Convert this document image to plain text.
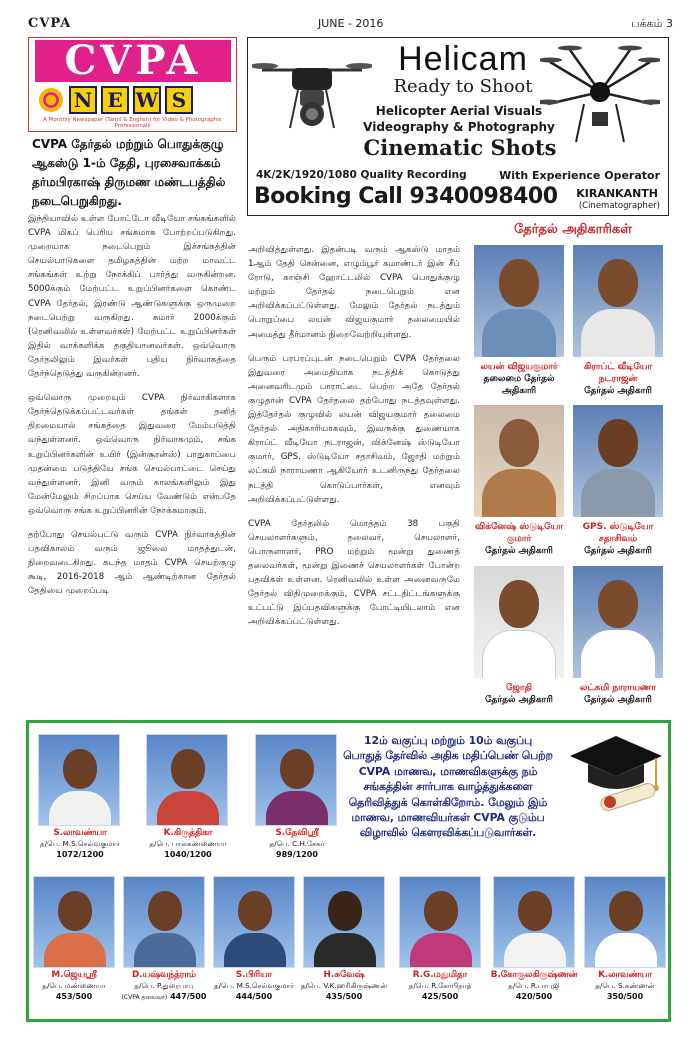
CVPA	JUNE - 2016	பக்கம் 3
CVPA
N E W S
A Monthly Newspaper (Tamil & English) for Video & Photographic Professionals
CVPA தேர்தல் மற்றும் பொதுக்குழு ஆகஸ்டு 1-ம் தேதி, புரசைவாக்கம் தர்மபிரகாஷ் திருமண மண்டபத்தில் நடைபெறுகிறது.
Helicam
Ready to Shoot
Helicopter Aerial Visuals
Videography & Photography
Cinematic Shots
4K/2K/1920/1080 Quality Recording	With Experience Operator
Booking Call 9340098400 KIRANKANTH
(Cinematographer)

இந்தியாவில் உள்ள போட்டோ வீடியோ சங்கங்களில் CVPA மிகப் பெரிய சங்கமாக போற்றப்படுகிறது. முறையாக நடைபெறும் இச்சங்கத்தின் செயல்பாடுகளை தமிழகத்தின் மற்ற மாவட்ட சங்கங்கள் உற்று நோக்கிப் பார்த்து வருகின்றன. 5000க்கும் மேற்பட்ட உறுப்பினர்களை கொண்ட CVPA தேர்தல், இரண்டு ஆண்டுகளுக்கு ஒருமுறை நடைபெற்று வருகிறது. சுமார் 2000க்கும் (ரெனிவலில் உள்ளவர்கள்) மேற்பட்ட உறுப்பினர்கள் இதில் வாக்களிக்க தகுதியானவர்கள். ஒவ்வொரு தேர்தலிலும் இவர்கள் புதிய நிர்வாகத்தை தேர்ந்தெடுத்து வருகின்றனர்.

ஒவ்வொரு முறையும் CVPA நிர்வாகிகளாக தேர்ந்தெடுக்கப்பட்டவர்கள் தங்கள் தனித் திறமையால் சங்கத்தை இதுவரை மேம்படுத்தி வந்துள்ளனர். ஒவ்வொரு நிர்வாகமும், சங்க உறுப்பினர்களின் உயிர் (இன்சூரன்ஸ்) பாதுகாப்பை முதன்மை படுத்தியே சங்க செயல்பாட்டை செய்து வந்துள்ளனர். இனி வரும் காலங்களிலும் இது மேன்மேலும் சிறப்பாக செய்ய வேண்டும் என்பதே ஒவ்வொரு சங்க உறுப்பினரின் நோக்கமாகும்.

தற்போது செயல்பட்டு வரும் CVPA நிர்வாகத்தின் பதவிகாலம் வரும் ஜூலை மாதத்துடன், நிறைவடைகிறது. கடந்த மாதம் CVPA செயற்குழு கூடி, 2016-2018 ஆம் ஆண்டிற்கான தேர்தல் தேதியை முறைப்படி

அறிவித்துள்ளது. இதன்படி வரும் ஆகஸ்டு மாதம் 1ஆம் தேதி சென்னை, எழும்பூர் கமாண்டர் இன் சீப் ரோடு, காஞ்சி ஹோட்டலில் CVPA பொதுக்குழு மற்றும் தேர்தல் நடைபெறும் என அறிவிக்கப்பட்டுள்ளது. மேலும் தேர்தல் நடத்தும் பொறுப்பை லயன் விஜயகுமார் தலைமையில் அமைத்து தீர்மானம் நிறைவேற்றியுள்ளது.

பெரும் பரபரப்புடன் நடைபெறும் CVPA தேர்தலை இதுவரை அமைதியாக நடத்திக் கொடுத்து அனைவரிடமும் பாராட்டை பெற்ற அதே தேர்தல் குழுதான் CVPA தேர்தலை தற்போது நடத்தவுள்ளது. இத்தேர்தல் குழுவில் லயன் விஜயகுமார் தலைமை தேர்தல் அதிகாரியாகவும், இவருக்கு துணையாக கிராப்ட் வீடியோ நடராஜன், விக்னேஷ் ஸ்டுடியோ குமார், GPS. ஸ்டுடியோ சதாசிவம், ஜோதி மற்றும் லட்சுமி நாராயணா ஆகியோர் உடனிருந்து தேர்தலை நடத்தி கொடுப்பார்கள், எனவும் அறிவிக்கப்பட்டுள்ளது.

CVPA தேர்தலில் மொத்தம் 38 பகுதி செயலாளர்களும், தலைவர், செயலாளர், பொருளாளர், PRO மற்றும் மூன்று துணைத் தலைவர்கள், மூன்று இணைச் செயலாளர்கள் போன்ற பதவிகள் உள்ளன. ரெனிவலில் உள்ள அனைவருமே தேர்தல் விதிமுறைக்கும், CVPA சட்டதிட்டங்களுக்கு உட்பட்டு இப்பதவிகளுக்கு போட்டியிடலாம் என அறிவிக்கப்பட்டுள்ளது.

தேர்தல் அதிகாரிகள்
லயன் விஜயகுமார்
தலைமை தேர்தல் அதிகாரி
கிராப்ட் வீடியோ நடராஜன்
தேர்தல் அதிகாரி
விக்னேஷ் ஸ்டுடியோ குமார்
தேர்தல் அதிகாரி
GPS. ஸ்டுடியோ சதாசிவம்
தேர்தல் அதிகாரி
ஜோதி
தேர்தல் அதிகாரி
லட்சுமி நாராயணா
தேர்தல் அதிகாரி
12ம் வகுப்பு மற்றும் 10ம் வகுப்பு பொதுத் தேர்வில் அதிக மதிப்பெண் பெற்ற CVPA மாணவ, மாணவிகளுக்கு நம் சங்கத்தின் சார்பாக வாழ்த்துக்களை தெரிவித்துக் கொள்கிறோம். மேலும் இம் மாணவ, மாணவியர்கள் CVPA குடும்ப விழாவில் கௌரவிக்கப்படுவார்கள்.
S.லாவண்யா
த/பெ. M.S.செல்வகுமார்
1072/1200
K.கிருத்திகா
த/பெ. பாலகண்ணையா
1040/1200
S.தேவிஸ்ரீ
த/பெ. C.H.சேகர்
989/1200
M.ஜெயஸ்ரீ
த/பெ. மண்ணையா
453/500
D.யஷ்வந்த்ராம்
த/பெ. P.துரைபாபு
(CVPA தலைவர்) 447/500
S.பிரியா
த/பெ. M.S.செல்வகுமார்
444/500
H.சுவேஷ்
த/பெ. V.K.ஹரிகிருஷ்ணன்
435/500
R.G.மதுமிதா
த/பெ. R.கோபிநாத்
425/500
B.கோகுலகிருஷ்ணன்
த/பெ. R.பாபுஜி
420/500
K.லாவண்யா
த/பெ. S.கண்ணன்
350/500
